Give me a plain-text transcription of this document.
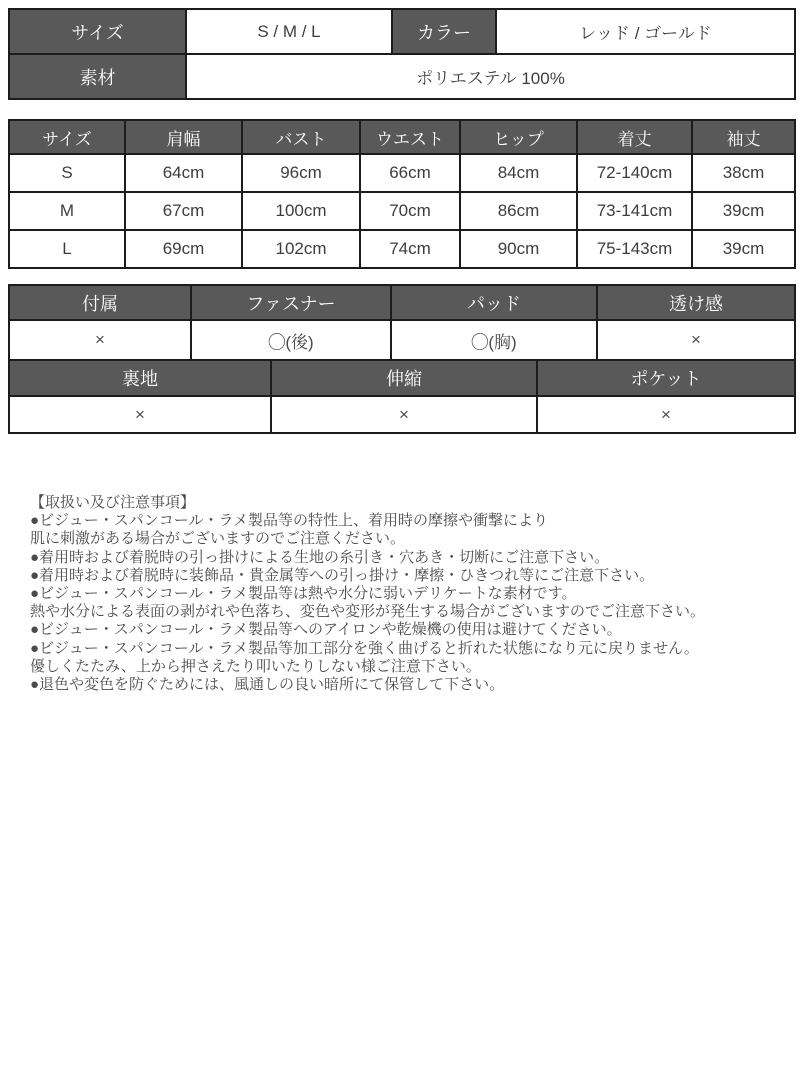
サイズ	S / M / L	カラー	レッド / ゴールド
素材	ポリエステル 100%		
サイズ	肩幅	バスト	ウエスト	ヒップ	着丈	袖丈
S	64cm	96cm	66cm	84cm	72-140cm	38cm
M	67cm	100cm	70cm	86cm	73-141cm	39cm
L	69cm	102cm	74cm	90cm	75-143cm	39cm
付属	ファスナー	パッド	透け感
×	◯(後)	◯(胸)	×
裏地	伸縮	ポケット
×	×	×
【取扱い及び注意事項】
●ビジュー・スパンコール・ラメ製品等の特性上、着用時の摩擦や衝撃により
肌に刺激がある場合がございますのでご注意ください。
●着用時および着脱時の引っ掛けによる生地の糸引き・穴あき・切断にご注意下さい。
●着用時および着脱時に装飾品・貴金属等への引っ掛け・摩擦・ひきつれ等にご注意下さい。
●ビジュー・スパンコール・ラメ製品等は熱や水分に弱いデリケートな素材です。
熱や水分による表面の剥がれや色落ち、変色や変形が発生する場合がございますのでご注意下さい。
●ビジュー・スパンコール・ラメ製品等へのアイロンや乾燥機の使用は避けてください。
●ビジュー・スパンコール・ラメ製品等加工部分を強く曲げると折れた状態になり元に戻りません。
優しくたたみ、上から押さえたり叩いたりしない様ご注意下さい。
●退色や変色を防ぐためには、風通しの良い暗所にて保管して下さい。
